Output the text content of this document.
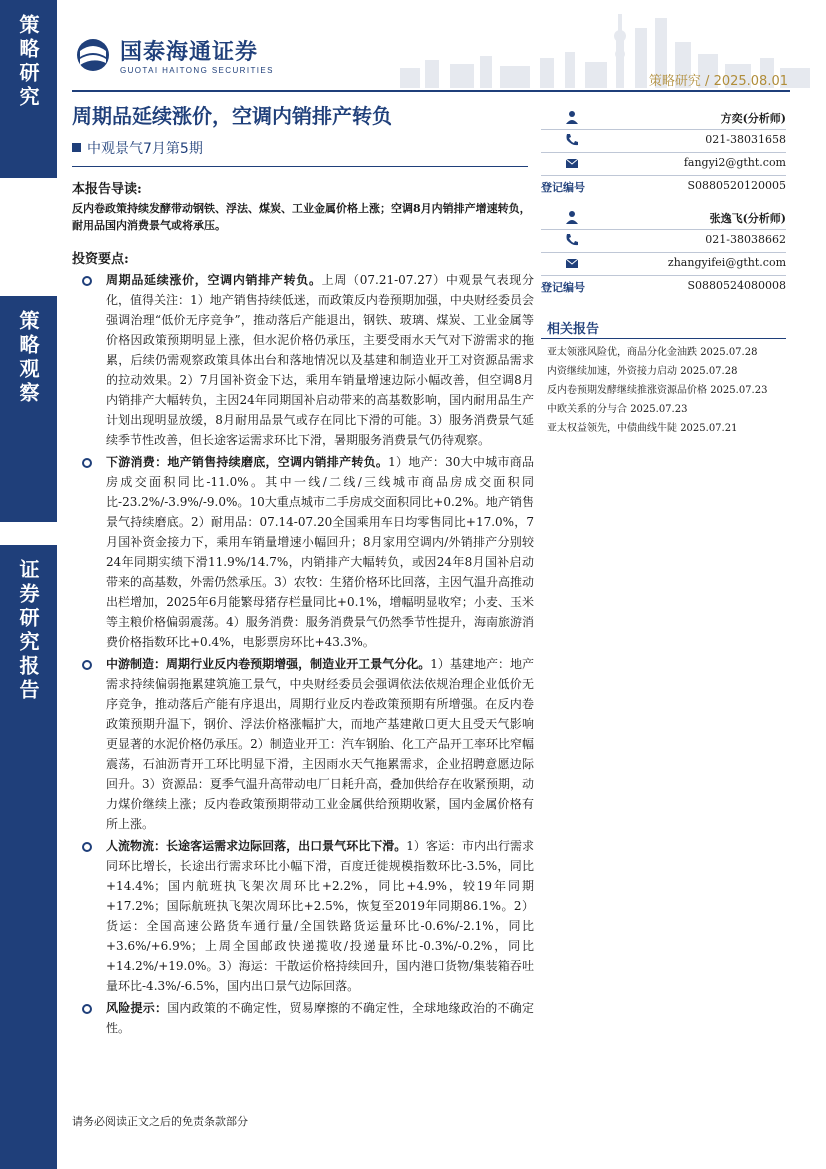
策略研究
策略观察
证券研究报告
国泰海通证券
GUOTAI HAITONG SECURITIES
策略研究 / 2025.08.01
周期品延续涨价，空调内销排产转负
中观景气7月第5期
本报告导读:
反内卷政策持续发酵带动钢铁、浮法、煤炭、工业金属价格上涨；空调8月内销排产增速转负，耐用品国内消费景气或将承压。
投资要点:
周期品延续涨价，空调内销排产转负。上周（07.21-07.27）中观景气表现分化，值得关注：1）地产销售持续低迷，而政策反内卷预期加强，中央财经委员会强调治理“低价无序竞争”，推动落后产能退出，钢铁、玻璃、煤炭、工业金属等价格因政策预期明显上涨，但水泥价格仍承压，主要受雨水天气对下游需求的拖累，后续仍需观察政策具体出台和落地情况以及基建和制造业开工对资源品需求的拉动效果。2）7月国补资金下达，乘用车销量增速边际小幅改善，但空调8月内销排产大幅转负，主因24年同期国补启动带来的高基数影响，国内耐用品生产计划出现明显放缓，8月耐用品景气或存在同比下滑的可能。3）服务消费景气延续季节性改善，但长途客运需求环比下滑，暑期服务消费景气仍待观察。
下游消费：地产销售持续磨底，空调内销排产转负。1）地产：30大中城市商品房成交面积同比-11.0%。其中一线/二线/三线城市商品房成交面积同比-23.2%/-3.9%/-9.0%。10大重点城市二手房成交面积同比+0.2%。地产销售景气持续磨底。2）耐用品：07.14-07.20全国乘用车日均零售同比+17.0%，7月国补资金接力下，乘用车销量增速小幅回升；8月家用空调内/外销排产分别较24年同期实绩下滑11.9%/14.7%，内销排产大幅转负，或因24年8月国补启动带来的高基数，外需仍然承压。3）农牧：生猪价格环比回落，主因气温升高推动出栏增加，2025年6月能繁母猪存栏量同比+0.1%，增幅明显收窄；小麦、玉米等主粮价格偏弱震荡。4）服务消费：服务消费景气仍然季节性提升，海南旅游消费价格指数环比+0.4%，电影票房环比+43.3%。
中游制造：周期行业反内卷预期增强，制造业开工景气分化。1）基建地产：地产需求持续偏弱拖累建筑施工景气，中央财经委员会强调依法依规治理企业低价无序竞争，推动落后产能有序退出，周期行业反内卷政策预期有所增强。在反内卷政策预期升温下，钢价、浮法价格涨幅扩大，而地产基建敞口更大且受天气影响更显著的水泥价格仍承压。2）制造业开工：汽车钢胎、化工产品开工率环比窄幅震荡，石油沥青开工环比明显下滑，主因雨水天气拖累需求，企业招聘意愿边际回升。3）资源品：夏季气温升高带动电厂日耗升高，叠加供给存在收紧预期，动力煤价继续上涨；反内卷政策预期带动工业金属供给预期收紧，国内金属价格有所上涨。
人流物流：长途客运需求边际回落，出口景气环比下滑。1）客运：市内出行需求同环比增长，长途出行需求环比小幅下滑，百度迁徙规模指数环比-3.5%，同比+14.4%；国内航班执飞架次周环比+2.2%，同比+4.9%，较19年同期+17.2%；国际航班执飞架次周环比+2.5%，恢复至2019年同期86.1%。2）货运：全国高速公路货车通行量/全国铁路货运量环比-0.6%/-2.1%，同比+3.6%/+6.9%；上周全国邮政快递揽收/投递量环比-0.3%/-0.2%，同比+14.2%/+19.0%。3）海运：干散运价格持续回升，国内港口货物/集装箱吞吐量环比-4.3%/-6.5%，国内出口景气边际回落。
风险提示：国内政策的不确定性，贸易摩擦的不确定性，全球地缘政治的不确定性。
方奕(分析师)
021-38031658
fangyi2@gtht.com
登记编号	S0880520120005
张逸飞(分析师)
021-38038662
zhangyifei@gtht.com
登记编号	S0880524080008
相关报告
亚太领涨风险优，商品分化金油跌 2025.07.28
内资继续加速，外资接力启动 2025.07.28
反内卷预期发酵继续推涨资源品价格 2025.07.23
中欧关系的分与合 2025.07.23
亚太权益领先，中债曲线牛陡 2025.07.21
请务必阅读正文之后的免责条款部分
